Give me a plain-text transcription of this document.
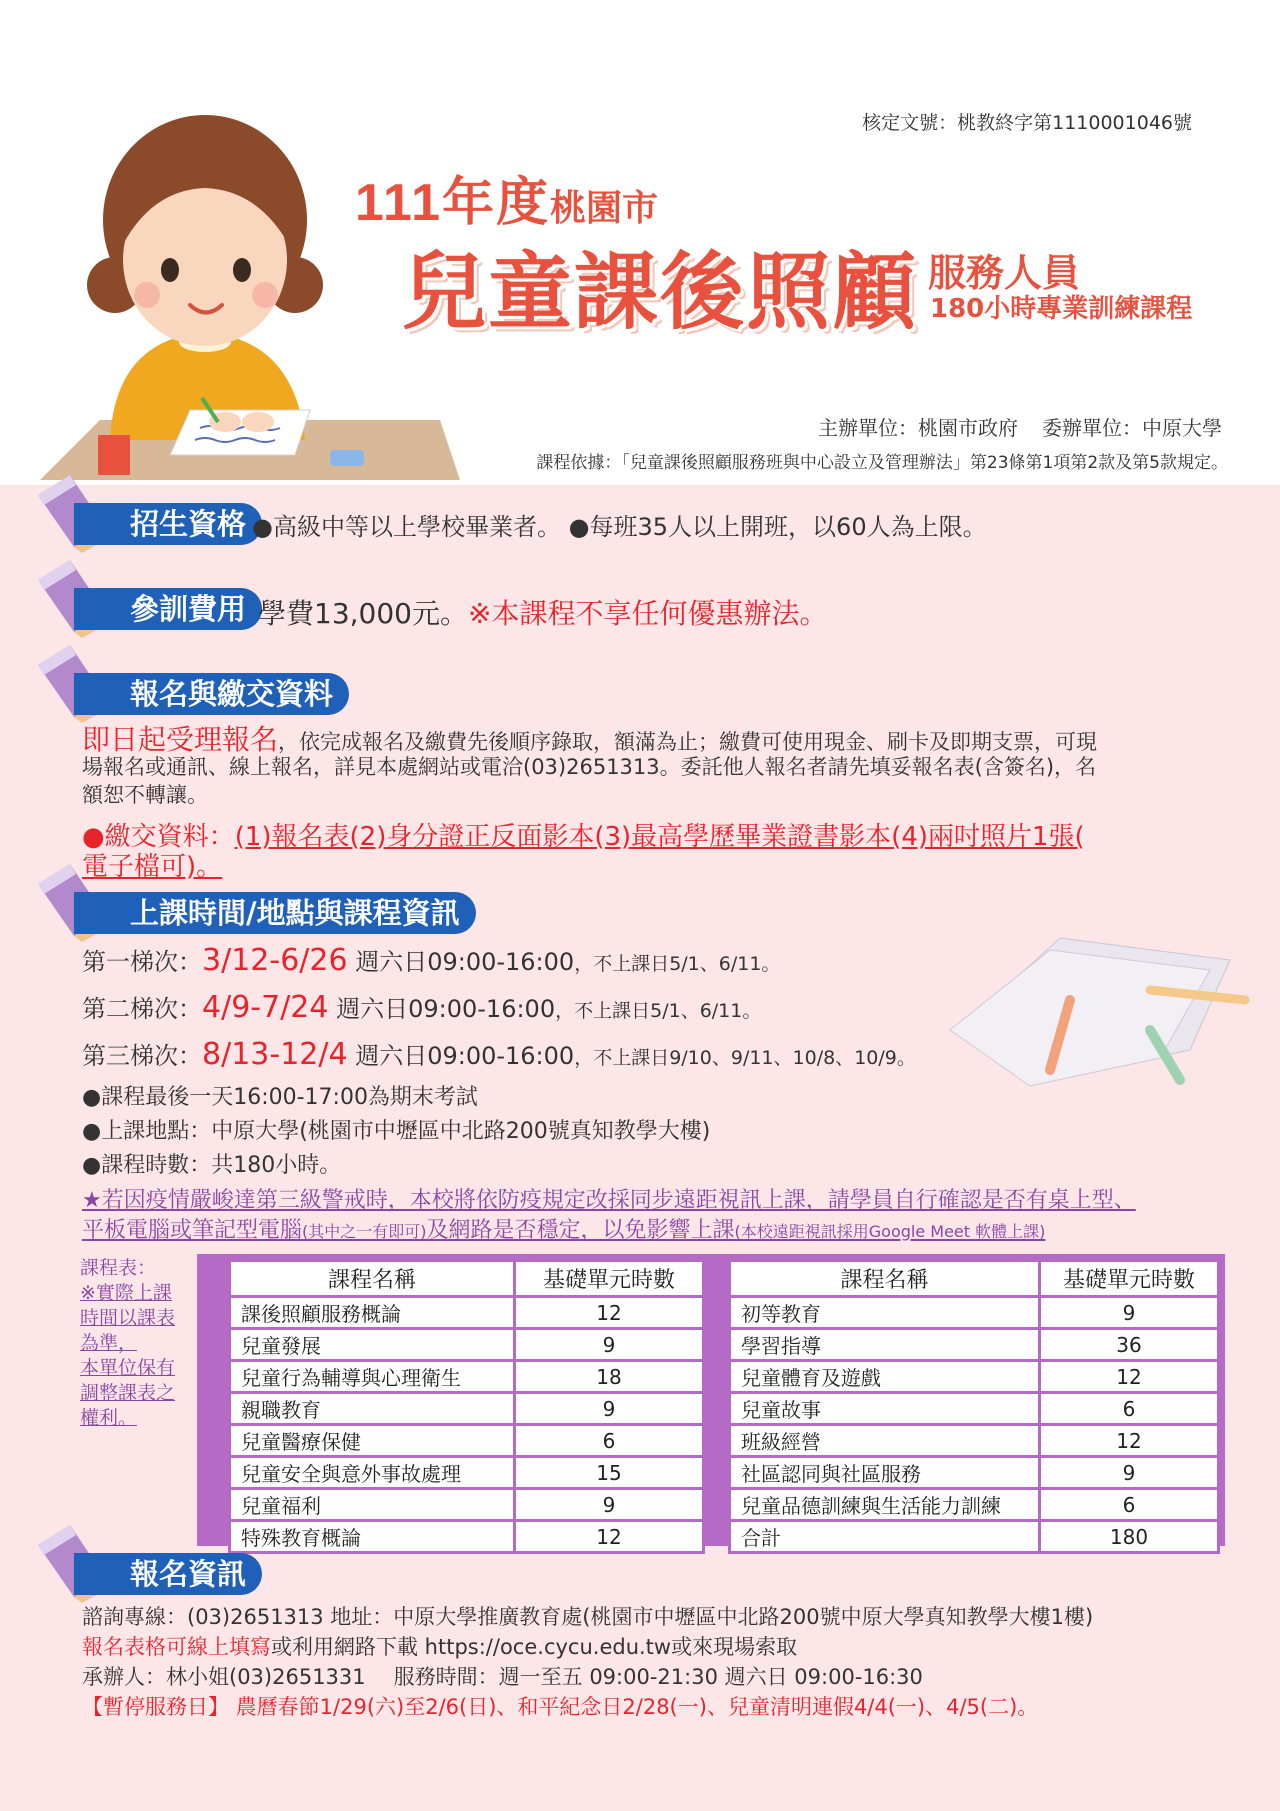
核定文號：桃教終字第1110001046號
111年度桃園市
兒童課後照顧 服務人員
180小時專業訓練課程
主辦單位：桃園市政府 委辦單位：中原大學
課程依據：「兒童課後照顧服務班與中心設立及管理辦法」第23條第1項第2款及第5款規定。
招生資格 ●高級中等以上學校畢業者。 ●每班35人以上開班，以60人為上限。
參訓費用 學費13,000元。※本課程不享任何優惠辦法。
報名與繳交資料
即日起受理報名，依完成報名及繳費先後順序錄取，額滿為止；繳費可使用現金、刷卡及即期支票，可現
場報名或通訊、線上報名，詳見本處網站或電洽(03)2651313。委託他人報名者請先填妥報名表(含簽名)，名
額恕不轉讓。
●繳交資料：(1)報名表(2)身分證正反面影本(3)最高學歷畢業證書影本(4)兩吋照片1張(
電子檔可)。
上課時間/地點與課程資訊
第一梯次：3/12-6/26 週六日09:00-16:00，不上課日5/1、6/11。
第二梯次：4/9-7/24 週六日09:00-16:00，不上課日5/1、6/11。
第三梯次：8/13-12/4 週六日09:00-16:00，不上課日9/10、9/11、10/8、10/9。
●課程最後一天16:00-17:00為期末考試
●上課地點：中原大學(桃園市中壢區中北路200號真知教學大樓)
●課程時數：共180小時。
★若因疫情嚴峻達第三級警戒時，本校將依防疫規定改採同步遠距視訊上課，請學員自行確認是否有桌上型、
平板電腦或筆記型電腦(其中之一有即可)及網路是否穩定，以免影響上課(本校遠距視訊採用Google Meet 軟體上課)
課程表：
※實際上課
時間以課表
為準，
本單位保有
調整課表之
權利。
課程名稱	基礎單元時數
課後照顧服務概論	12
兒童發展	9
兒童行為輔導與心理衛生	18
親職教育	9
兒童醫療保健	6
兒童安全與意外事故處理	15
兒童福利	9
特殊教育概論	12
課程名稱	基礎單元時數
初等教育	9
學習指導	36
兒童體育及遊戲	12
兒童故事	6
班級經營	12
社區認同與社區服務	9
兒童品德訓練與生活能力訓練	6
合計	180
報名資訊
諮詢專線：(03)2651313 地址：中原大學推廣教育處(桃園市中壢區中北路200號中原大學真知教學大樓1樓)
報名表格可線上填寫或利用網路下載 https://oce.cycu.edu.tw或來現場索取
承辦人：林小姐(03)2651331 服務時間：週一至五 09:00-21:30 週六日 09:00-16:30
【暫停服務日】 農曆春節1/29(六)至2/6(日)、和平紀念日2/28(一)、兒童清明連假4/4(一)、4/5(二)。
